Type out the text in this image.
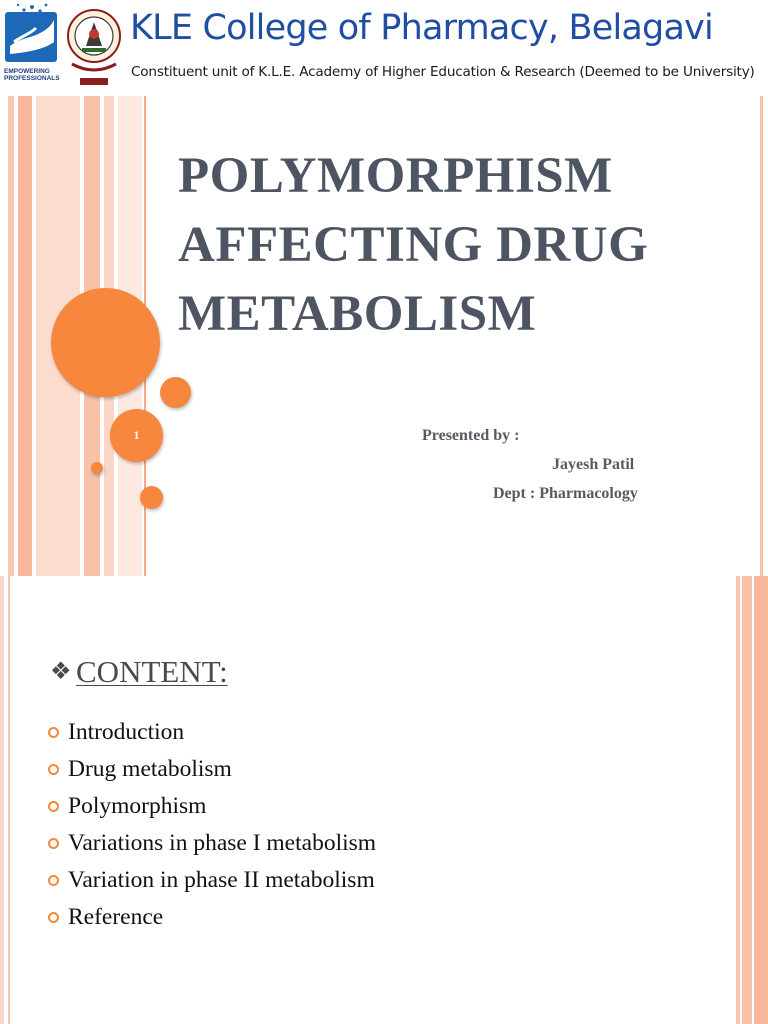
EMPOWERING PROFESSIONALS
KLE College of Pharmacy, Belagavi
Constituent unit of K.L.E. Academy of Higher Education & Research (Deemed to be University)
1
POLYMORPHISM
AFFECTING DRUG
METABOLISM
Presented by :
Jayesh Patil
Dept : Pharmacology
❖ CONTENT:
Introduction
Drug metabolism
Polymorphism
Variations in phase I metabolism
Variation in phase II metabolism
Reference
